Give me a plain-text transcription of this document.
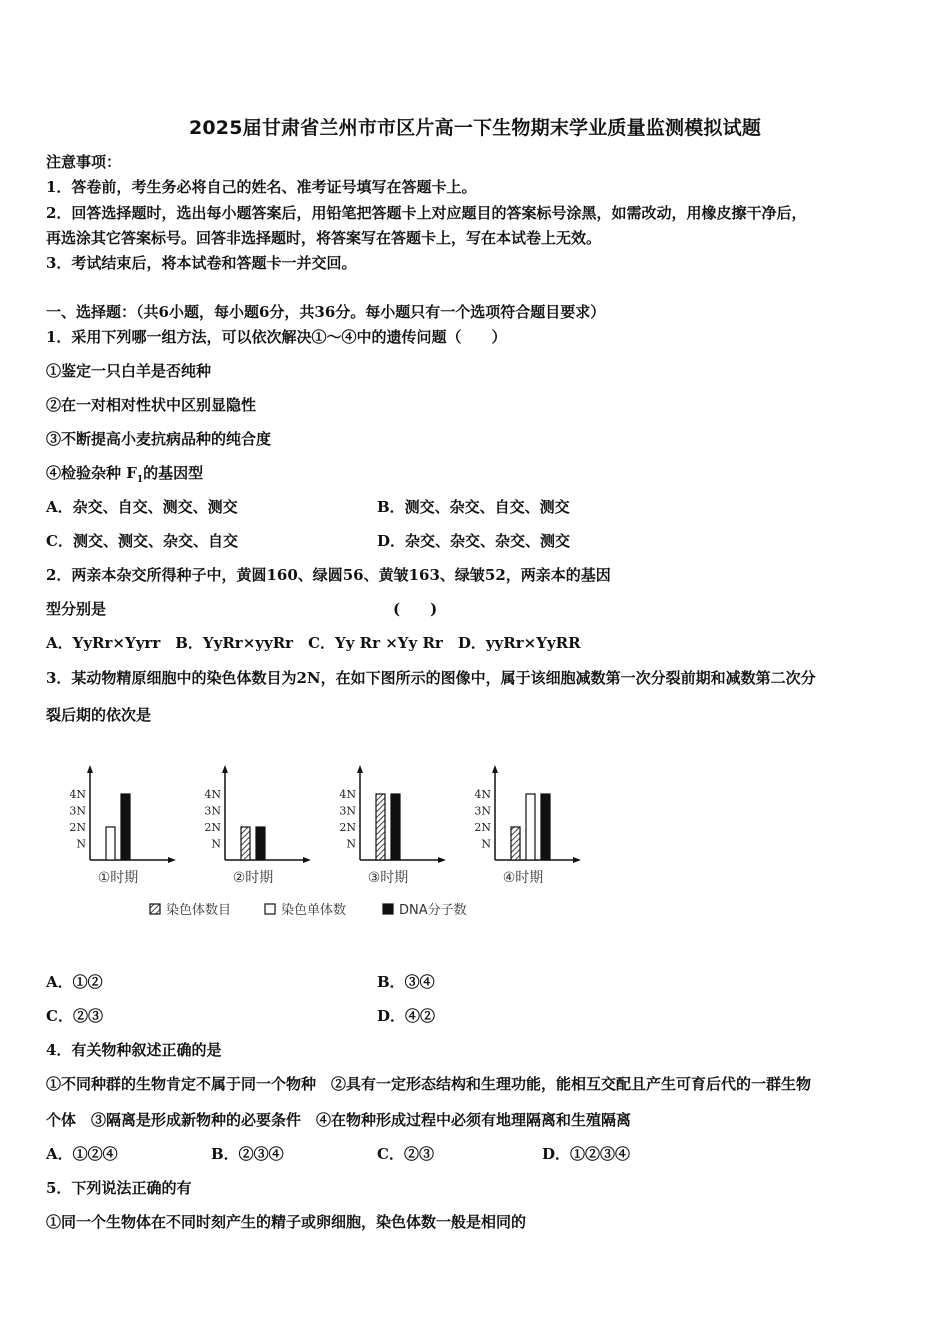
2025届甘肃省兰州市市区片高一下生物期末学业质量监测模拟试题
注意事项：
1．答卷前，考生务必将自己的姓名、准考证号填写在答题卡上。
2．回答选择题时，选出每小题答案后，用铅笔把答题卡上对应题目的答案标号涂黑，如需改动，用橡皮擦干净后，
再选涂其它答案标号。回答非选择题时，将答案写在答题卡上，写在本试卷上无效。
3．考试结束后，将本试卷和答题卡一并交回。
一、选择题：（共6小题，每小题6分，共36分。每小题只有一个选项符合题目要求）
1．采用下列哪一组方法，可以依次解决①～④中的遗传问题（　　）
①鉴定一只白羊是否纯种
②在一对相对性状中区别显隐性
③不断提高小麦抗病品种的纯合度
④检验杂种 $F_1$的基因型
A．杂交、自交、测交、测交	B．测交、杂交、自交、测交
C．测交、测交、杂交、自交	D．杂交、杂交、杂交、测交
2．两亲本杂交所得种子中，黄圆160、绿圆56、黄皱163、绿皱52，两亲本的基因
型分别是	(　　)
A．YyRr×Yyrr　B．YyRr×yyRr　C．Yy Rr ×Yy Rr　D．yyRr×YyRR
3．某动物精原细胞中的染色体数目为2N，在如下图所示的图像中，属于该细胞减数第一次分裂前期和减数第二次分
裂后期的依次是
4N
3N
2N
N
①时期
4N
3N
2N
N
②时期
4N
3N
2N
N
③时期
4N
3N
2N
N
④时期
染色体数目	染色单体数	DNA分子数
A．①②	B．③④
C．②③	D．④②
4．有关物种叙述正确的是
①不同种群的生物肯定不属于同一个物种　②具有一定形态结构和生理功能，能相互交配且产生可育后代的一群生物
个体　③隔离是形成新物种的必要条件　④在物种形成过程中必须有地理隔离和生殖隔离
A．①②④	B．②③④	C．②③	D．①②③④
5．下列说法正确的有
①同一个生物体在不同时刻产生的精子或卵细胞，染色体数一般是相同的
